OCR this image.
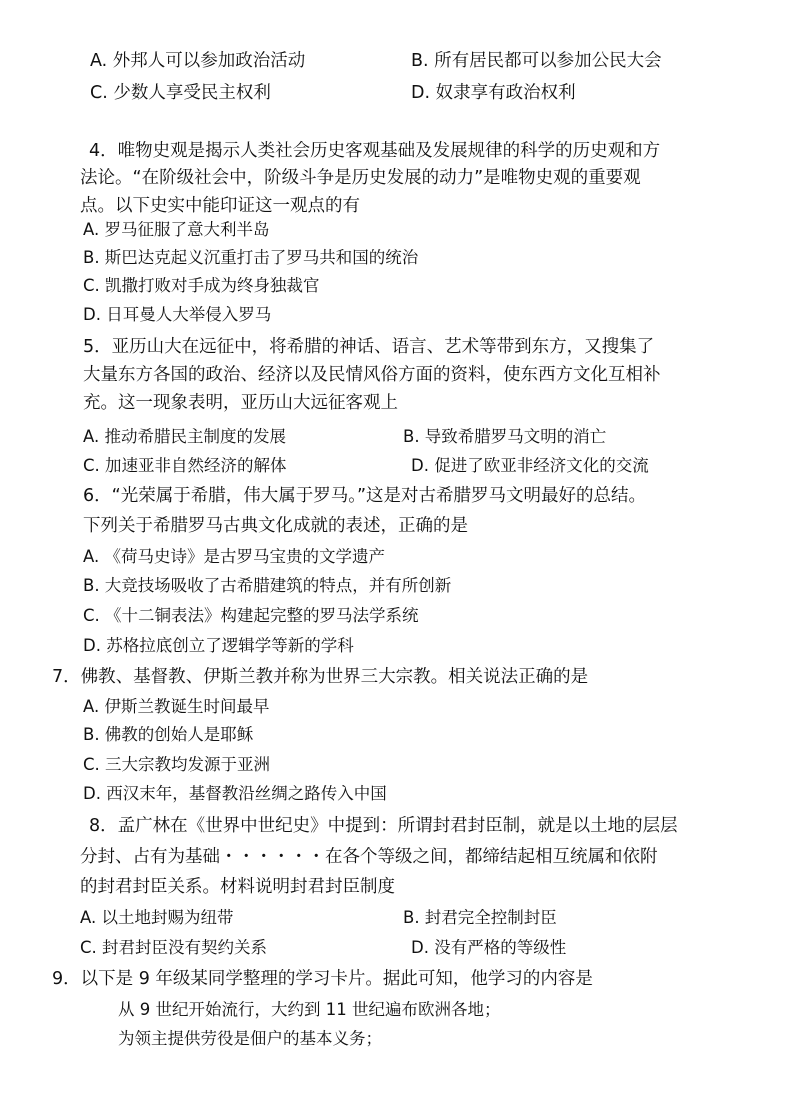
A. 外邦人可以参加政治活动	B. 所有居民都可以参加公民大会
C. 少数人享受民主权利	D. 奴隶享有政治权利
4．唯物史观是揭示人类社会历史客观基础及发展规律的科学的历史观和方
法论。“在阶级社会中，阶级斗争是历史发展的动力”是唯物史观的重要观
点。以下史实中能印证这一观点的有
A. 罗马征服了意大利半岛
B. 斯巴达克起义沉重打击了罗马共和国的统治
C. 凯撒打败对手成为终身独裁官
D. 日耳曼人大举侵入罗马
5．亚历山大在远征中，将希腊的神话、语言、艺术等带到东方，又搜集了
大量东方各国的政治、经济以及民情风俗方面的资料，使东西方文化互相补
充。这一现象表明，亚历山大远征客观上
A. 推动希腊民主制度的发展	B. 导致希腊罗马文明的消亡
C. 加速亚非自然经济的解体	D. 促进了欧亚非经济文化的交流
6．“光荣属于希腊，伟大属于罗马。”这是对古希腊罗马文明最好的总结。
下列关于希腊罗马古典文化成就的表述，正确的是
A. 《荷马史诗》是古罗马宝贵的文学遗产
B. 大竞技场吸收了古希腊建筑的特点，并有所创新
C. 《十二铜表法》构建起完整的罗马法学系统
D. 苏格拉底创立了逻辑学等新的学科
7．佛教、基督教、伊斯兰教并称为世界三大宗教。相关说法正确的是
A. 伊斯兰教诞生时间最早
B. 佛教的创始人是耶稣
C. 三大宗教均发源于亚洲
D. 西汉末年，基督教沿丝绸之路传入中国
8．孟广林在《世界中世纪史》中提到：所谓封君封臣制，就是以土地的层层
分封、占有为基础・・・・・・在各个等级之间，都缔结起相互统属和依附
的封君封臣关系。材料说明封君封臣制度
A. 以土地封赐为纽带	B. 封君完全控制封臣
C. 封君封臣没有契约关系	D. 没有严格的等级性
9．以下是 9 年级某同学整理的学习卡片。据此可知，他学习的内容是
从 9 世纪开始流行，大约到 11 世纪遍布欧洲各地；
为领主提供劳役是佃户的基本义务；
